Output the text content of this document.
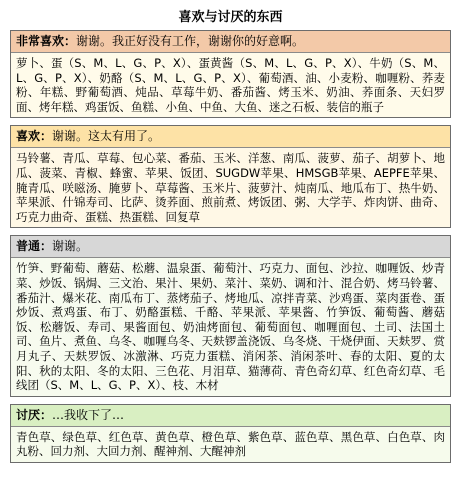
喜欢与讨厌的东西
非常喜欢：谢谢。我正好没有工作，谢谢你的好意啊。
萝卜、蛋（S、M、L、G、P、X）、蛋黄酱（S、M、L、G、P、X）、牛奶（S、M、L、G、P、X）、奶酪（S、M、L、G、P、X）、葡萄酒、油、小麦粉、咖喱粉、荞麦粉、年糕、野葡萄酒、炖品、草莓牛奶、番茄酱、烤玉米、奶油、荞面条、天妇罗面、烤年糕、鸡蛋饭、鱼糕、小鱼、中鱼、大鱼、迷之石板、装信的瓶子
喜欢：谢谢。这太有用了。
马铃薯、青瓜、草莓、包心菜、番茄、玉米、洋葱、南瓜、菠萝、茄子、胡萝卜、地瓜、菠菜、青椒、蜂蜜、苹果、饭团、SUGDW苹果、HMSGB苹果、AEPFE苹果、腌青瓜、咲嗞汤、腌萝卜、草莓酱、玉米片、菠萝汁、炖南瓜、地瓜布丁、热牛奶、苹果派、什锦寿司、比萨、烫荞面、煎前煮、烤饭团、粥、大学芋、炸肉饼、曲奇、巧克力曲奇、蛋糕、热蛋糕、回复草
普通：谢谢。
竹笋、野葡萄、蘑菇、松蘑、温泉蛋、葡萄汁、巧克力、面包、沙拉、咖喱饭、炒青菜、炒饭、锅焗、三文治、果汁、果奶、菜汁、菜奶、调和汁、混合奶、烤马铃薯、番茄汁、爆米花、南瓜布丁、蒸烤茄子、烤地瓜、凉拌青菜、沙鸡蛋、菜肉蛋卷、蛋炒饭、煮鸡蛋、布丁、奶酪蛋糕、千酪、苹果派、苹果酱、竹笋饭、葡萄酱、蘑菇饭、松蘑饭、寿司、果酱面包、奶油烤面包、葡萄面包、咖喱面包、土司、法国土司、鱼片、煮鱼、乌冬、咖喱乌冬、天麸锣盖浇饭、乌冬烧、干烧伊面、天麸罗、赏月丸子、天麸罗饭、冰激淋、巧克力蛋糕、消闲茶、消闲茶叶、春的太阳、夏的太阳、秋的太阳、冬的太阳、三色花、月泪草、猫薄荷、青色奇幻草、红色奇幻草、毛线团（S、M、L、G、P、X）、枝、木材
讨厌：…我收下了…
青色草、绿色草、红色草、黄色草、橙色草、紫色草、蓝色草、黑色草、白色草、肉丸粉、回力剂、大回力剂、醒神剂、大醒神剂
